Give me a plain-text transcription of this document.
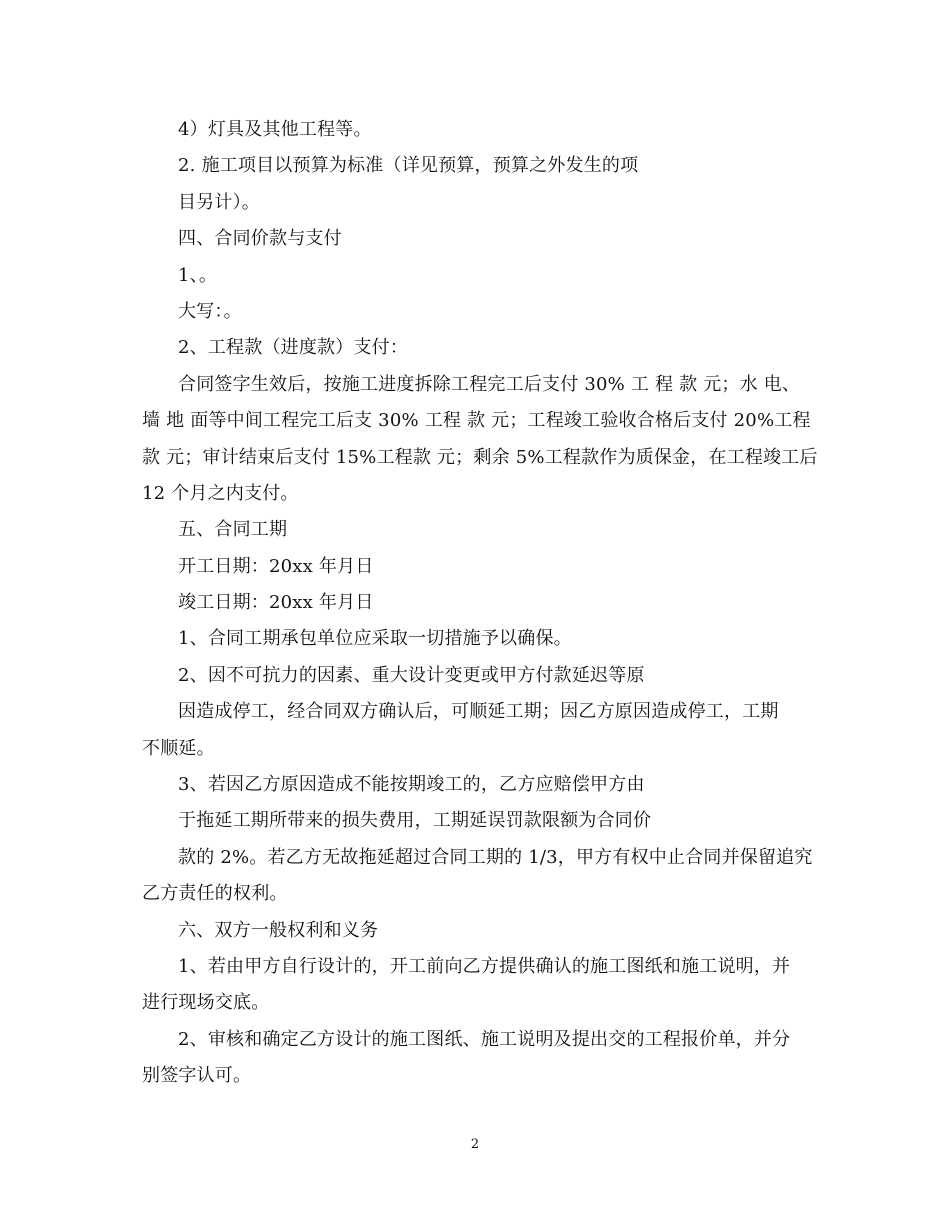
4）灯具及其他工程等。

2. 施工项目以预算为标准（详见预算，预算之外发生的项

目另计）。

四、合同价款与支付

1、。

大写：。

2、工程款（进度款）支付：

合同签字生效后，按施工进度拆除工程完工后支付 30% 工 程 款 元；水 电、

墙 地 面等中间工程完工后支 30% 工程 款 元；工程竣工验收合格后支付 20%工程

款 元；审计结束后支付 15%工程款 元；剩余 5%工程款作为质保金，在工程竣工后

12 个月之内支付。

五、合同工期

开工日期：20xx 年月日

竣工日期：20xx 年月日

1、合同工期承包单位应采取一切措施予以确保。

2、因不可抗力的因素、重大设计变更或甲方付款延迟等原

因造成停工，经合同双方确认后，可顺延工期；因乙方原因造成停工，工期

不顺延。

3、若因乙方原因造成不能按期竣工的，乙方应赔偿甲方由

于拖延工期所带来的损失费用，工期延误罚款限额为合同价

款的 2%。若乙方无故拖延超过合同工期的 1/3，甲方有权中止合同并保留追究

乙方责任的权利。

六、双方一般权利和义务

1、若由甲方自行设计的，开工前向乙方提供确认的施工图纸和施工说明，并

进行现场交底。

2、审核和确定乙方设计的施工图纸、施工说明及提出交的工程报价单，并分

别签字认可。

2
